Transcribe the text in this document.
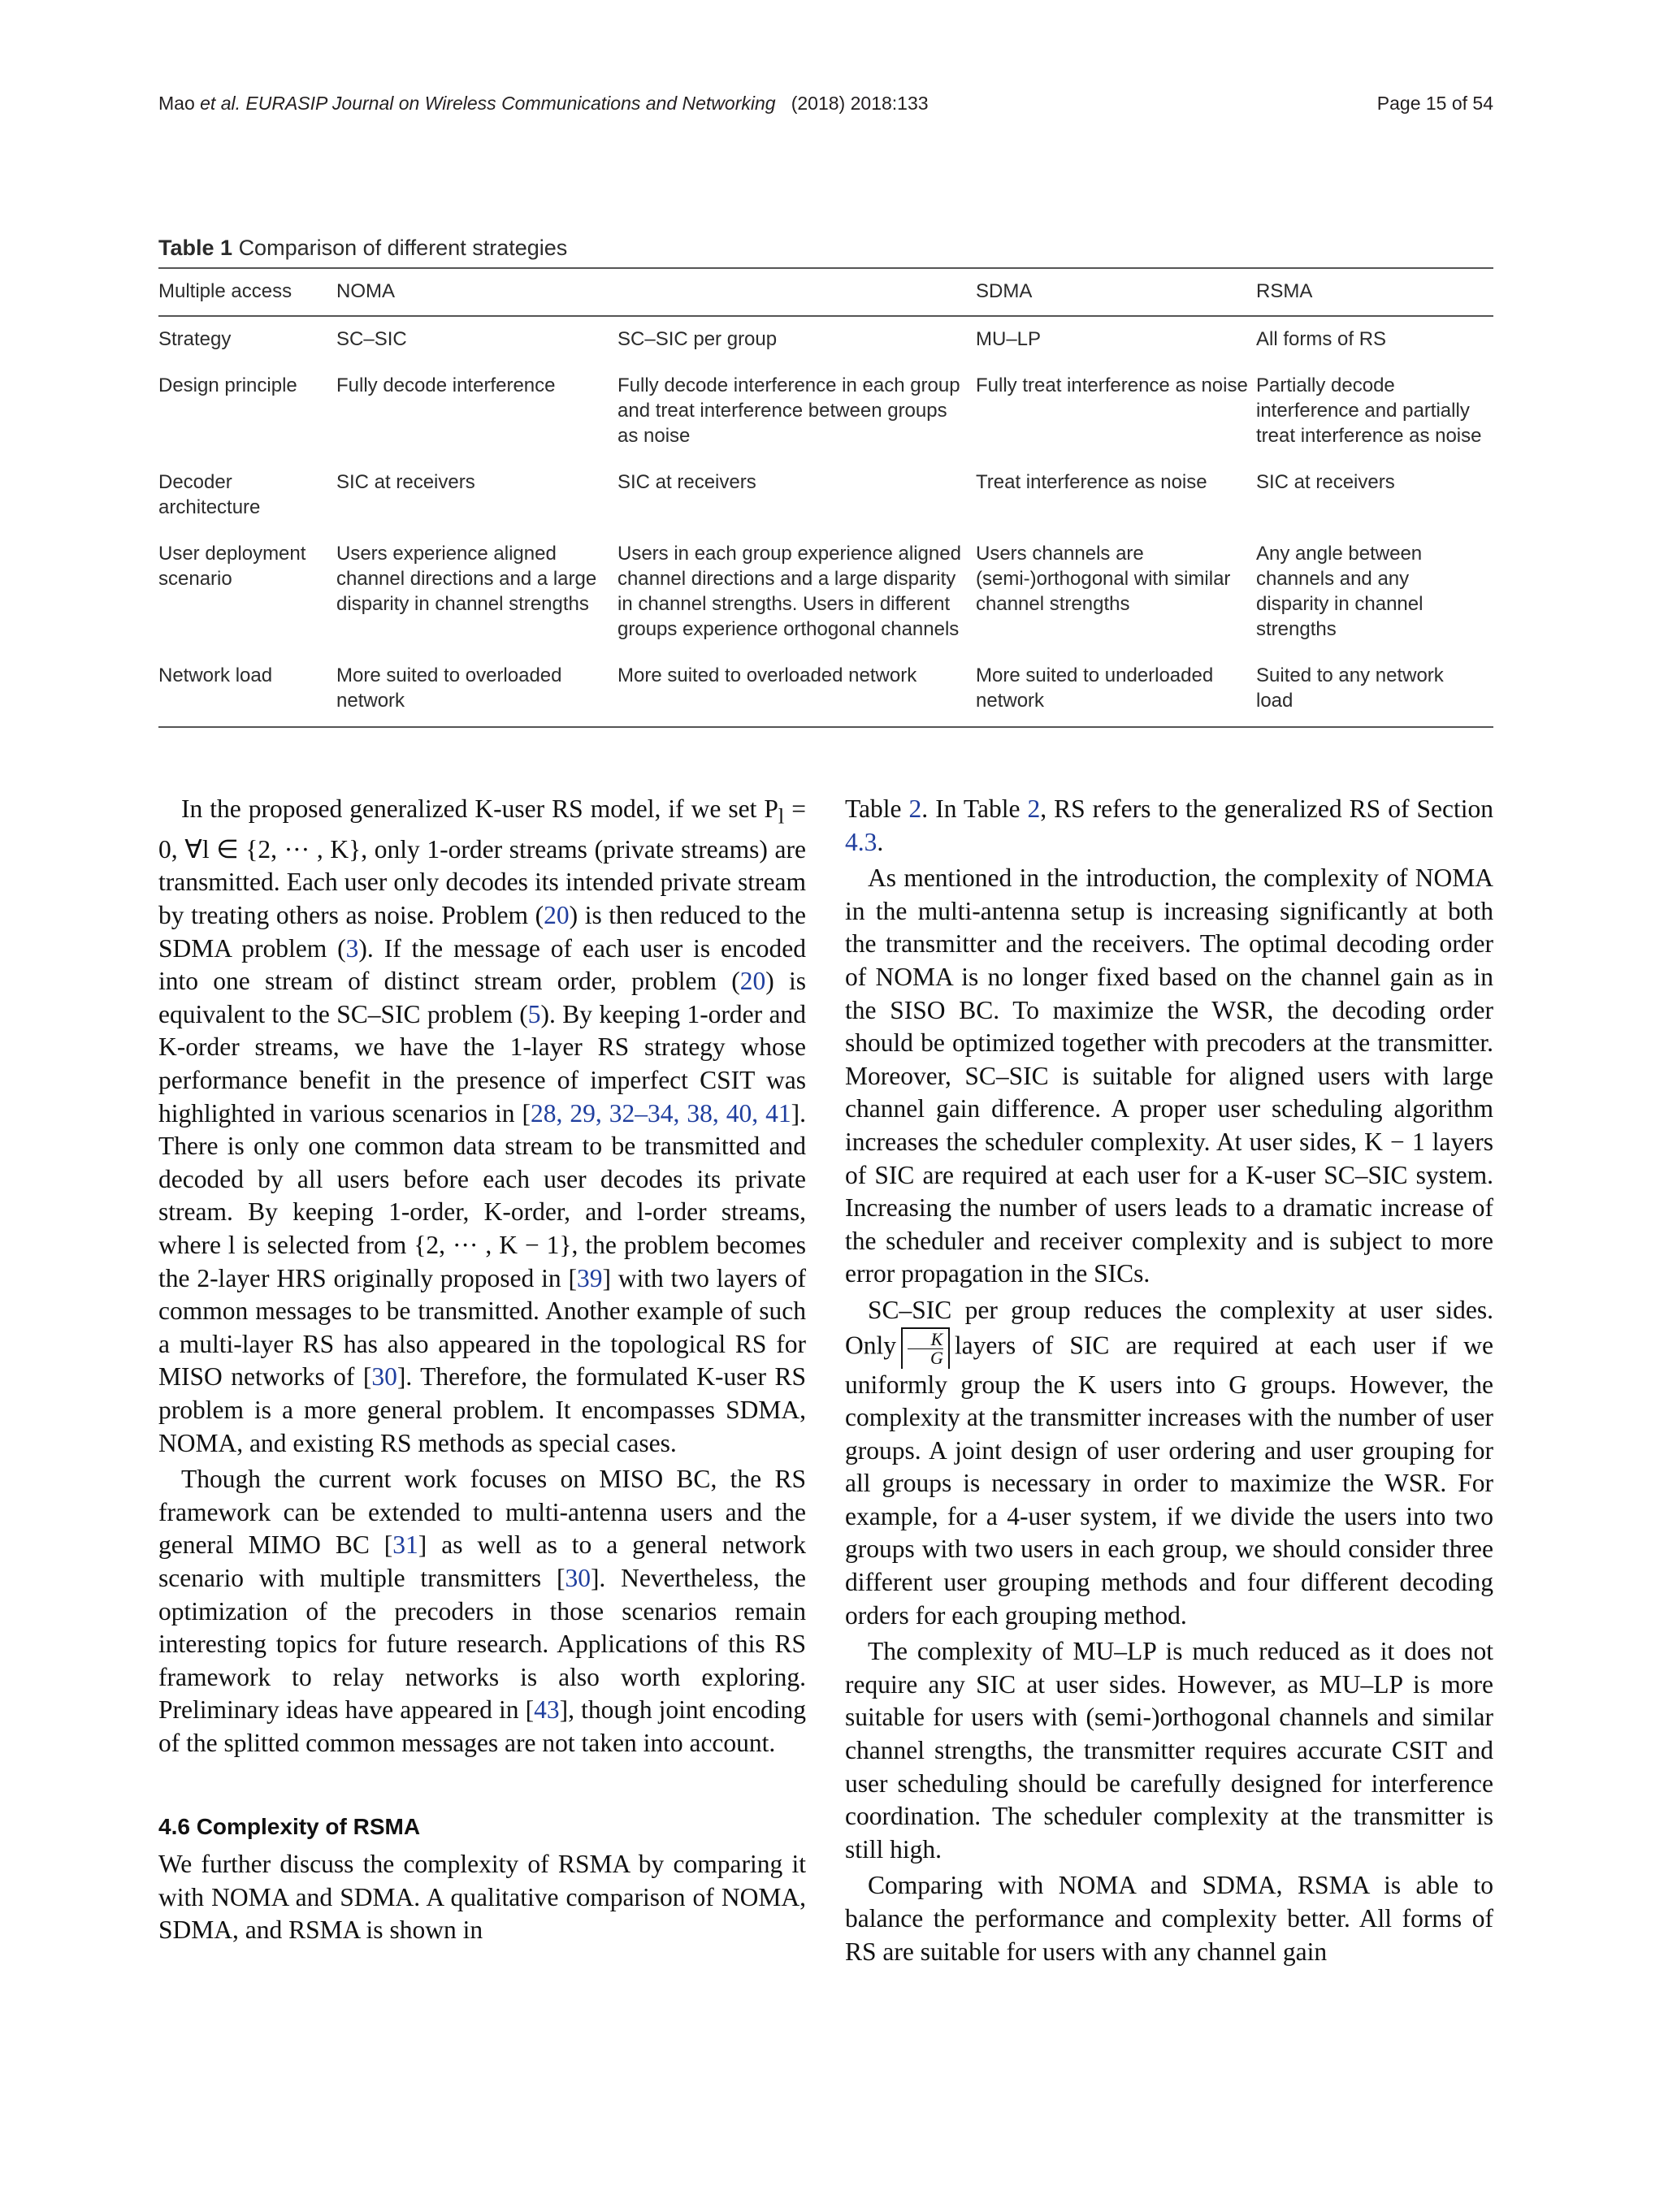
Mao et al. EURASIP Journal on Wireless Communications and Networking (2018) 2018:133	Page 15 of 54
Table 1 Comparison of different strategies
Multiple access	NOMA		SDMA	RSMA
Strategy	SC–SIC	SC–SIC per group	MU–LP	All forms of RS
Design principle	Fully decode interference	Fully decode interference in each group and treat interference between groups as noise	Fully treat interference as noise	Partially decode interference and partially treat interference as noise
Decoder architecture	SIC at receivers	SIC at receivers	Treat interference as noise	SIC at receivers
User deployment scenario	Users experience aligned channel directions and a large disparity in channel strengths	Users in each group experience aligned channel directions and a large disparity in channel strengths. Users in different groups experience orthogonal channels	Users channels are (semi-)orthogonal with similar channel strengths	Any angle between channels and any disparity in channel strengths
Network load	More suited to overloaded network	More suited to overloaded network	More suited to underloaded network	Suited to any network load

In the proposed generalized K-user RS model, if we set $P_l = 0$, ∀l ∈ {2, ··· , K}, only 1-order streams (private streams) are transmitted. Each user only decodes its intended private stream by treating others as noise. Problem (20) is then reduced to the SDMA problem (3). If the message of each user is encoded into one stream of distinct stream order, problem (20) is equivalent to the SC–SIC problem (5). By keeping 1-order and K-order streams, we have the 1-layer RS strategy whose performance benefit in the presence of imperfect CSIT was highlighted in various scenarios in [28, 29, 32–34, 38, 40, 41]. There is only one common data stream to be transmitted and decoded by all users before each user decodes its private stream. By keeping 1-order, K-order, and l-order streams, where l is selected from {2, ··· , K − 1}, the problem becomes the 2-layer HRS originally proposed in [39] with two layers of common messages to be transmitted. Another example of such a multi-layer RS has also appeared in the topological RS for MISO networks of [30]. Therefore, the formulated K-user RS problem is a more general problem. It encompasses SDMA, NOMA, and existing RS methods as special cases.

Though the current work focuses on MISO BC, the RS framework can be extended to multi-antenna users and the general MIMO BC [31] as well as to a general network scenario with multiple transmitters [30]. Nevertheless, the optimization of the precoders in those scenarios remain interesting topics for future research. Applications of this RS framework to relay networks is also worth exploring. Preliminary ideas have appeared in [43], though joint encoding of the splitted common messages are not taken into account.

4.6 Complexity of RSMA

We further discuss the complexity of RSMA by comparing it with NOMA and SDMA. A qualitative comparison of NOMA, SDMA, and RSMA is shown in

Table 2. In Table 2, RS refers to the generalized RS of Section 4.3.

As mentioned in the introduction, the complexity of NOMA in the multi-antenna setup is increasing significantly at both the transmitter and the receivers. The optimal decoding order of NOMA is no longer fixed based on the channel gain as in the SISO BC. To maximize the WSR, the decoding order should be optimized together with precoders at the transmitter. Moreover, SC–SIC is suitable for aligned users with large channel gain difference. A proper user scheduling algorithm increases the scheduler complexity. At user sides, K − 1 layers of SIC are required at each user for a K-user SC–SIC system. Increasing the number of users leads to a dramatic increase of the scheduler and receiver complexity and is subject to more error propagation in the SICs.

SC–SIC per group reduces the complexity at user sides. Only $\frac{K}{G}$ layers of SIC are required at each user if we uniformly group the K users into G groups. However, the complexity at the transmitter increases with the number of user groups. A joint design of user ordering and user grouping for all groups is necessary in order to maximize the WSR. For example, for a 4-user system, if we divide the users into two groups with two users in each group, we should consider three different user grouping methods and four different decoding orders for each grouping method.

The complexity of MU–LP is much reduced as it does not require any SIC at user sides. However, as MU–LP is more suitable for users with (semi-)orthogonal channels and similar channel strengths, the transmitter requires accurate CSIT and user scheduling should be carefully designed for interference coordination. The scheduler complexity at the transmitter is still high.

Comparing with NOMA and SDMA, RSMA is able to balance the performance and complexity better. All forms of RS are suitable for users with any channel gain
